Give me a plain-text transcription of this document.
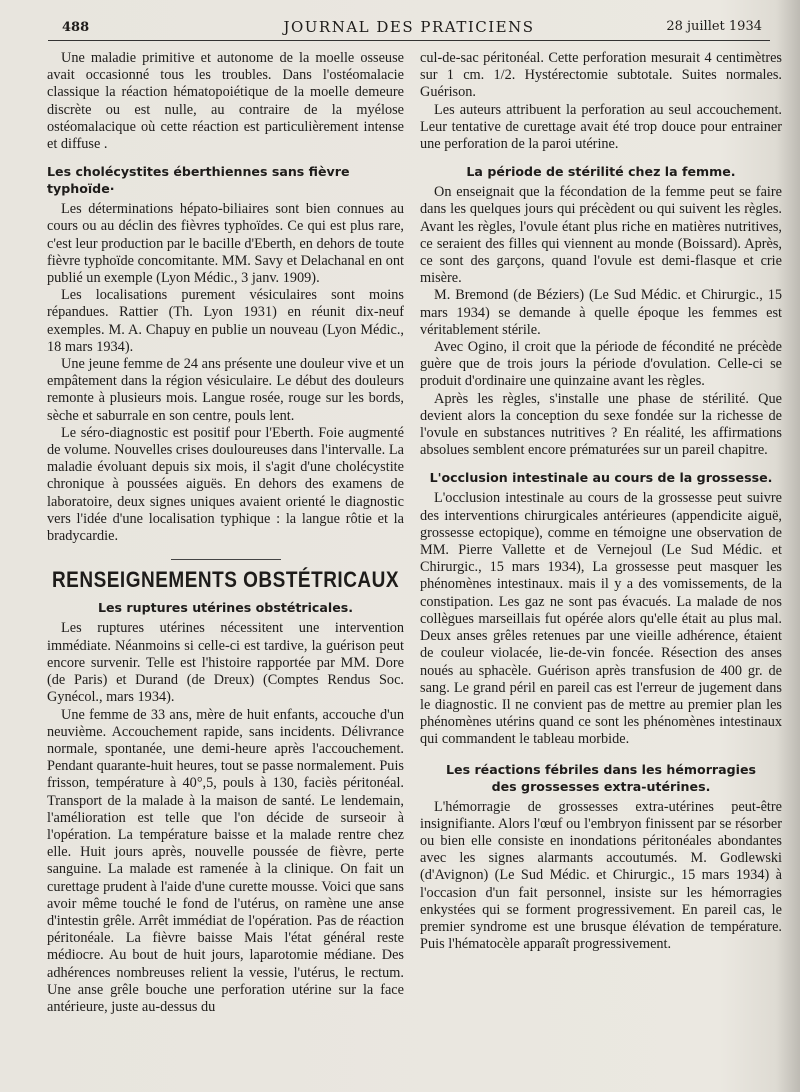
488	JOURNAL DES PRATICIENS	28 juillet 1934

Une maladie primitive et autonome de la moelle osseuse avait occasionné tous les troubles. Dans l'ostéomalacie classique la réaction hématopoiétique de la moelle demeure discrète ou est nulle, au contraire de la myélose ostéomalacique où cette réaction est particulièrement intense et diffuse .

Les cholécystites éberthiennes sans fièvre typhoïde·

Les déterminations hépato-biliaires sont bien connues au cours ou au déclin des fièvres typhoïdes. Ce qui est plus rare, c'est leur production par le bacille d'Eberth, en dehors de toute fièvre typhoïde concomitante. MM. Savy et Delachanal en ont publié un exemple (Lyon Médic., 3 janv. 1909).

Les localisations purement vésiculaires sont moins répandues. Rattier (Th. Lyon 1931) en réunit dix-neuf exemples. M. A. Chapuy en publie un nouveau (Lyon Médic., 18 mars 1934).

Une jeune femme de 24 ans présente une douleur vive et un empâtement dans la région vésiculaire. Le début des douleurs remonte à plusieurs mois. Langue rosée, rouge sur les bords, sèche et saburrale en son centre, pouls lent.

Le séro-diagnostic est positif pour l'Eberth. Foie augmenté de volume. Nouvelles crises douloureuses dans l'intervalle. La maladie évoluant depuis six mois, il s'agit d'une cholécystite chronique à poussées aiguës. En dehors des examens de laboratoire, deux signes uniques avaient orienté le diagnostic vers l'idée d'une localisation typhique : la langue rôtie et la bradycardie.

RENSEIGNEMENTS OBSTÉTRICAUX
Les ruptures utérines obstétricales.

Les ruptures utérines nécessitent une intervention immédiate. Néanmoins si celle-ci est tardive, la guérison peut encore survenir. Telle est l'histoire rapportée par MM. Dore (de Paris) et Durand (de Dreux) (Comptes Rendus Soc. Gynécol., mars 1934).

Une femme de 33 ans, mère de huit enfants, accouche d'un neuvième. Accouchement rapide, sans incidents. Délivrance normale, spontanée, une demi-heure après l'accouchement. Pendant quarante-huit heures, tout se passe normalement. Puis frisson, température à 40°,5, pouls à 130, faciès péritonéal. Transport de la malade à la maison de santé. Le lendemain, l'amélioration est telle que l'on décide de surseoir à l'opération. La température baisse et la malade rentre chez elle. Huit jours après, nouvelle poussée de fièvre, perte sanguine. La malade est ramenée à la clinique. On fait un curettage prudent à l'aide d'une curette mousse. Voici que sans avoir même touché le fond de l'utérus, on ramène une anse d'intestin grêle. Arrêt immédiat de l'opération. Pas de réaction péritonéale. La fièvre baisse Mais l'état général reste médiocre. Au bout de huit jours, laparotomie médiane. Des adhérences nombreuses relient la vessie, l'utérus, le rectum. Une anse grêle bouche une perforation utérine sur la face antérieure, juste au-dessus du

cul-de-sac péritonéal. Cette perforation mesurait 4 centimètres sur 1 cm. 1/2. Hystérectomie subtotale. Suites normales. Guérison.

Les auteurs attribuent la perforation au seul accouchement. Leur tentative de curettage avait été trop douce pour entrainer une perforation de la paroi utérine.

La période de stérilité chez la femme.

On enseignait que la fécondation de la femme peut se faire dans les quelques jours qui précèdent ou qui suivent les règles. Avant les règles, l'ovule étant plus riche en matières nutritives, ce seraient des filles qui viennent au monde (Boissard). Après, ce sont des garçons, quand l'ovule est demi-flasque et crie misère.

M. Bremond (de Béziers) (Le Sud Médic. et Chirurgic., 15 mars 1934) se demande à quelle époque les femmes est véritablement stérile.

Avec Ogino, il croit que la période de fécondité ne précède guère que de trois jours la période d'ovulation. Celle-ci se produit d'ordinaire une quinzaine avant les règles.

Après les règles, s'installe une phase de stérilité. Que devient alors la conception du sexe fondée sur la richesse de l'ovule en substances nutritives ? En réalité, les affirmations absolues semblent encore prématurées sur un pareil chapitre.

L'occlusion intestinale au cours de la grossesse.

L'occlusion intestinale au cours de la grossesse peut suivre des interventions chirurgicales antérieures (appendicite aiguë, grossesse ectopique), comme en témoigne une observation de MM. Pierre Vallette et de Vernejoul (Le Sud Médic. et Chirurgic., 15 mars 1934), La grossesse peut masquer les phénomènes intestinaux. mais il y a des vomissements, de la constipation. Les gaz ne sont pas évacués. La malade de nos collègues marseillais fut opérée alors qu'elle était au plus mal. Deux anses grêles retenues par une vieille adhérence, étaient de couleur violacée, lie-de-vin foncée. Résection des anses noués au sphacèle. Guérison après transfusion de 400 gr. de sang. Le grand péril en pareil cas est l'erreur de jugement dans le diagnostic. Il ne convient pas de mettre au premier plan les phénomènes utérins quand ce sont les phénomènes intestinaux qui commandent le tableau morbide.

Les réactions fébriles dans les hémorragies
des grossesses extra-utérines.

L'hémorragie de grossesses extra-utérines peut-être insignifiante. Alors l'œuf ou l'embryon finissent par se résorber ou bien elle consiste en inondations péritonéales abondantes avec les signes alarmants accoutumés. M. Godlewski (d'Avignon) (Le Sud Médic. et Chirurgic., 15 mars 1934) à l'occasion d'un fait personnel, insiste sur les hémorragies enkystées qui se forment progressivement. En pareil cas, le premier syndrome est une brusque élévation de température. Puis l'hématocèle apparaît progressivement.
